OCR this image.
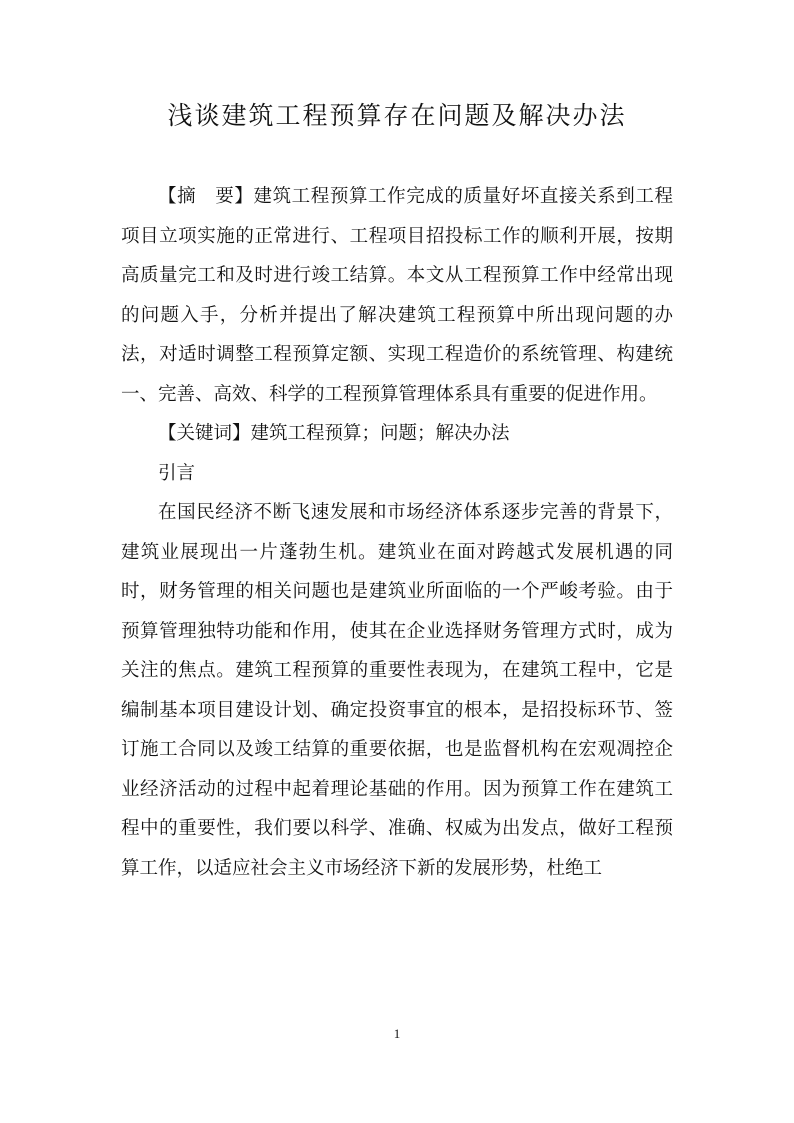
浅谈建筑工程预算存在问题及解决办法

【摘　要】建筑工程预算工作完成的质量好坏直接关系到工程项目立项实施的正常进行、工程项目招投标工作的顺利开展，按期高质量完工和及时进行竣工结算。本文从工程预算工作中经常出现的问题入手，分析并提出了解决建筑工程预算中所出现问题的办法，对适时调整工程预算定额、实现工程造价的系统管理、构建统一、完善、高效、科学的工程预算管理体系具有重要的促进作用。

【关键词】建筑工程预算；问题；解决办法

引言

在国民经济不断飞速发展和市场经济体系逐步完善的背景下，建筑业展现出一片蓬勃生机。建筑业在面对跨越式发展机遇的同时，财务管理的相关问题也是建筑业所面临的一个严峻考验。由于预算管理独特功能和作用，使其在企业选择财务管理方式时，成为关注的焦点。建筑工程预算的重要性表现为，在建筑工程中，它是编制基本项目建设计划、确定投资事宜的根本，是招投标环节、签订施工合同以及竣工结算的重要依据，也是监督机构在宏观凋控企业经济活动的过程中起着理论基础的作用。因为预算工作在建筑工程中的重要性，我们要以科学、准确、权威为出发点，做好工程预算工作，以适应社会主义市场经济下新的发展形势，杜绝工

1
